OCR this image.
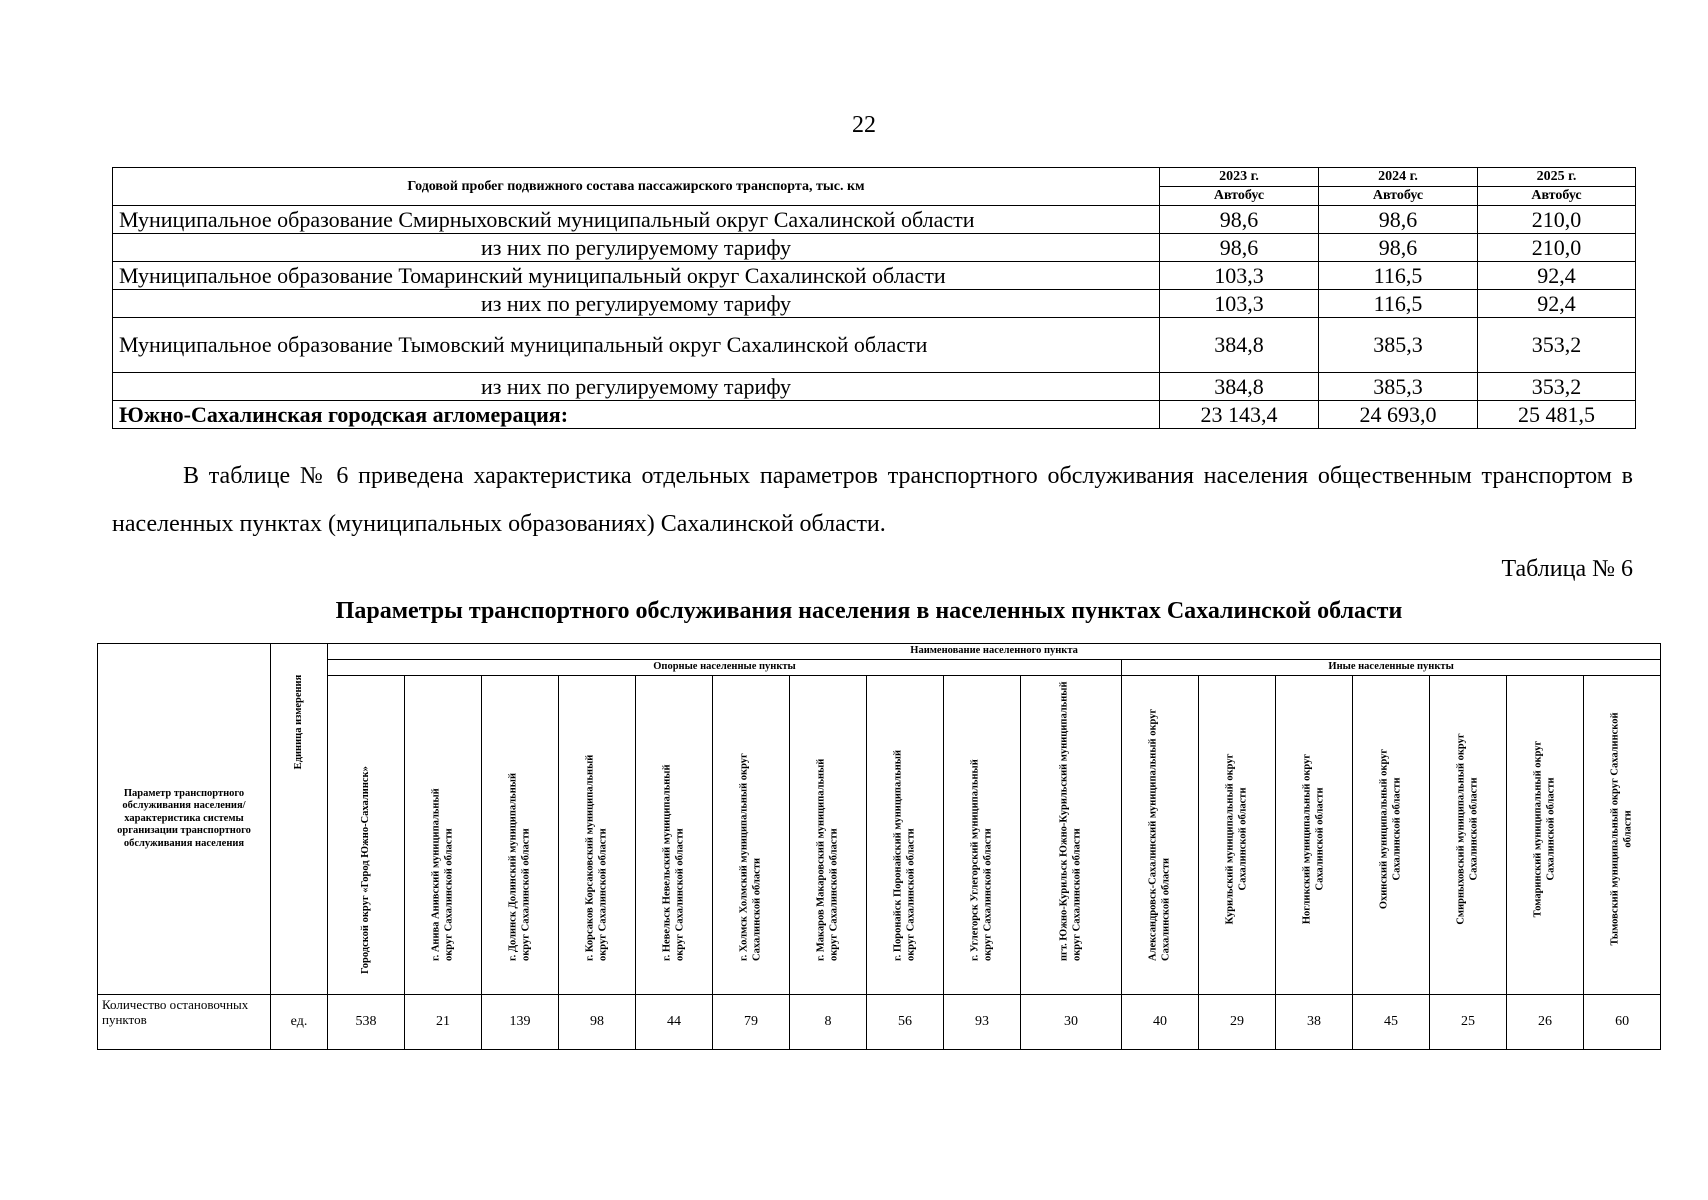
22
Годовой пробег подвижного состава пассажирского транспорта, тыс. км	2023 г.	2024 г.	2025 г.
	Автобус	Автобус	Автобус
Муниципальное образование Смирныховский муниципальный округ Сахалинской области	98,6	98,6	210,0
из них по регулируемому тарифу	98,6	98,6	210,0
Муниципальное образование Томаринский муниципальный округ Сахалинской области	103,3	116,5	92,4
из них по регулируемому тарифу	103,3	116,5	92,4
Муниципальное образование Тымовский муниципальный округ Сахалинской области	384,8	385,3	353,2
из них по регулируемому тарифу	384,8	385,3	353,2
Южно-Сахалинская городская агломерация:	23 143,4	24 693,0	25 481,5

В таблице № 6 приведена характеристика отдельных параметров транспортного обслуживания населения общественным транспортом в населенных пунктах (муниципальных образованиях) Сахалинской области.

Таблица № 6
Параметры транспортного обслуживания населения в населенных пунктах Сахалинской области
Параметр транспортного обслуживания населения/ характеристика системы организации транспортного обслуживания населения	Единица измерения	Наименование населенного пункта																
		Опорные населенные пункты										Иные населенные пункты						

		Городской округ «Город Южно-Сахалинск»	г. Анива Анивский муниципальный округ Сахалинской области	г. Долинск Долинский муниципальный округ Сахалинской области	г. Корсаков Корсаковский муниципальный округ Сахалинской области	г. Невельск Невельский муниципальный округ Сахалинской области	г. Холмск Холмский муниципальный округ Сахалинской области	г. Макаров Макаровский муниципальный округ Сахалинской области	г. Поронайск Поронайский муниципальный округ Сахалинской области	г. Углегорск Углегорский муниципальный округ Сахалинской области	пгт. Южно-Курильск Южно-Курильский муниципальный округ Сахалинской области	Александровск-Сахалинский муниципальный округ Сахалинской области	Курильский муниципальный округ Сахалинской области	Ногликский муниципальный округ Сахалинской области	Охинский муниципальный округ Сахалинской области	Смирныховский муниципальный округ Сахалинской области	Томаринский муниципальный округ Сахалинской области	Тымовский муниципальный округ Сахалинской области

Количество остановочных пунктов	ед.	538	21	139	98	44	79	8	56	93	30	40	29	38	45	25	26	60
